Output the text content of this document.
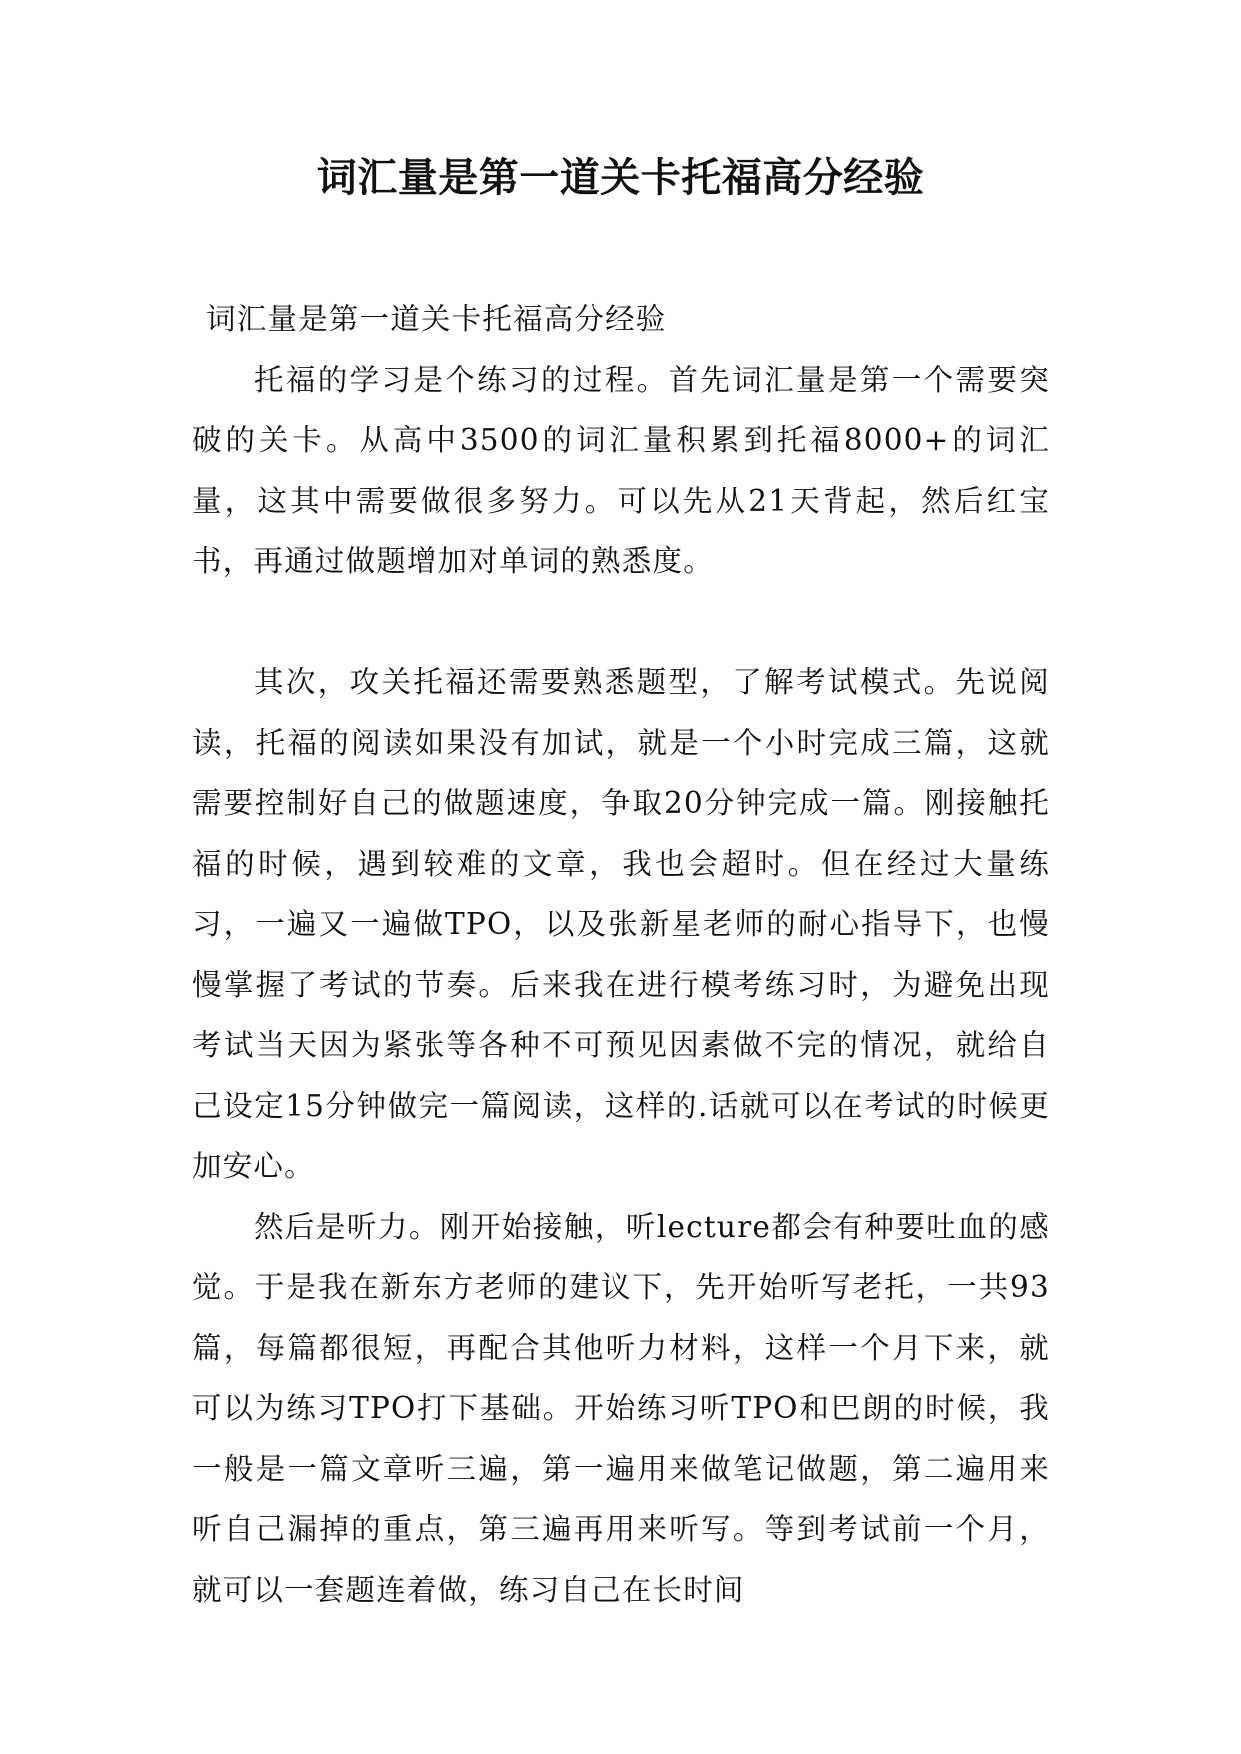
词汇量是第一道关卡托福高分经验

词汇量是第一道关卡托福高分经验

托福的学习是个练习的过程。首先词汇量是第一个需要突破的关卡。从高中3500的词汇量积累到托福8000+的词汇量，这其中需要做很多努力。可以先从21天背起，然后红宝书，再通过做题增加对单词的熟悉度。

其次，攻关托福还需要熟悉题型，了解考试模式。先说阅读，托福的阅读如果没有加试，就是一个小时完成三篇，这就需要控制好自己的做题速度，争取20分钟完成一篇。刚接触托福的时候，遇到较难的文章，我也会超时。但在经过大量练习，一遍又一遍做TPO，以及张新星老师的耐心指导下，也慢慢掌握了考试的节奏。后来我在进行模考练习时，为避免出现考试当天因为紧张等各种不可预见因素做不完的情况，就给自己设定15分钟做完一篇阅读，这样的.话就可以在考试的时候更加安心。

然后是听力。刚开始接触，听lecture都会有种要吐血的感觉。于是我在新东方老师的建议下，先开始听写老托，一共93篇，每篇都很短，再配合其他听力材料，这样一个月下来，就可以为练习TPO打下基础。开始练习听TPO和巴朗的时候，我一般是一篇文章听三遍，第一遍用来做笔记做题，第二遍用来听自己漏掉的重点，第三遍再用来听写。等到考试前一个月，就可以一套题连着做，练习自己在长时间
